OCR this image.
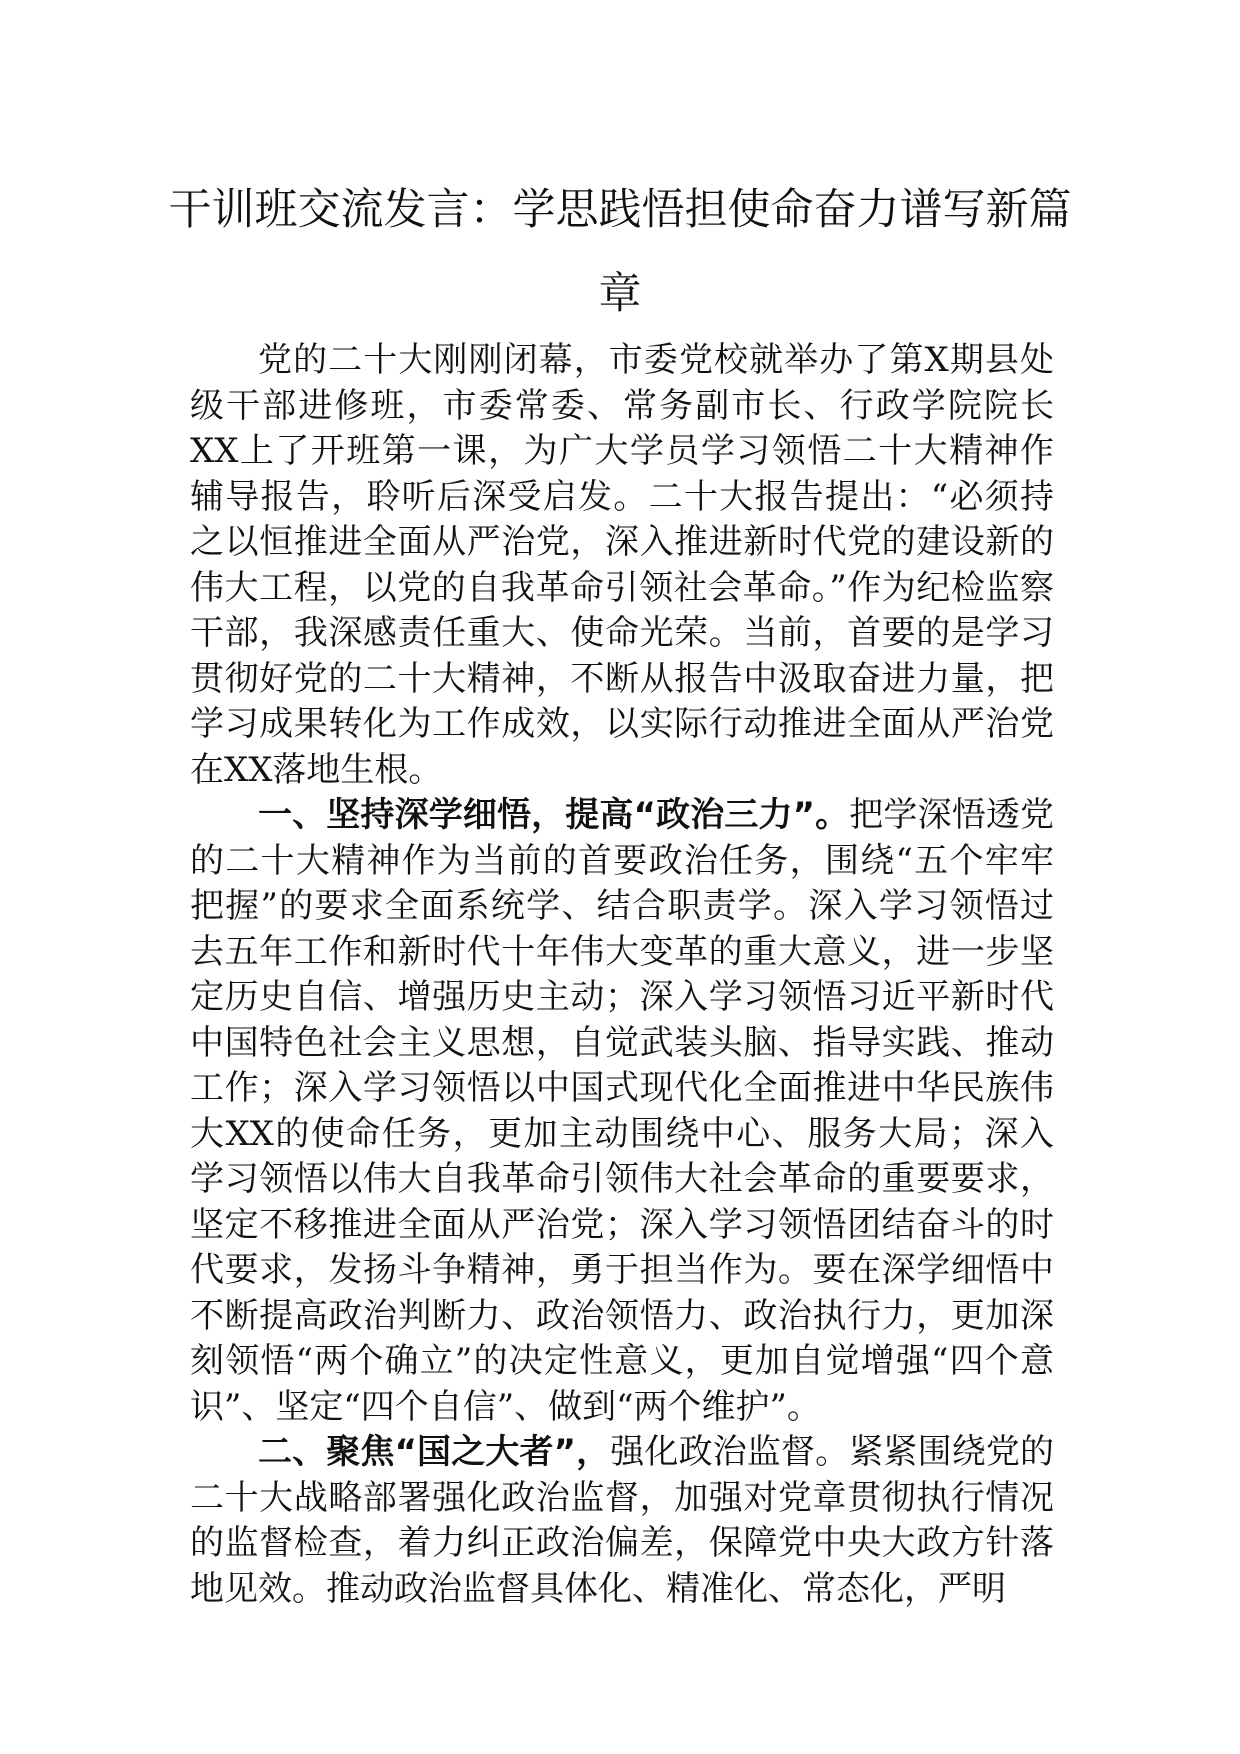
干训班交流发言：学思践悟担使命奋力谱写新篇章

党的二十大刚刚闭幕，市委党校就举办了第X期县处级干部进修班，市委常委、常务副市长、行政学院院长XX上了开班第一课，为广大学员学习领悟二十大精神作辅导报告，聆听后深受启发。二十大报告提出：“必须持之以恒推进全面从严治党，深入推进新时代党的建设新的伟大工程，以党的自我革命引领社会革命。”作为纪检监察干部，我深感责任重大、使命光荣。当前，首要的是学习贯彻好党的二十大精神，不断从报告中汲取奋进力量，把学习成果转化为工作成效，以实际行动推进全面从严治党在XX落地生根。

一、坚持深学细悟，提高“政治三力”。把学深悟透党的二十大精神作为当前的首要政治任务，围绕“五个牢牢把握”的要求全面系统学、结合职责学。深入学习领悟过去五年工作和新时代十年伟大变革的重大意义，进一步坚定历史自信、增强历史主动；深入学习领悟习近平新时代中国特色社会主义思想，自觉武装头脑、指导实践、推动工作；深入学习领悟以中国式现代化全面推进中华民族伟大XX的使命任务，更加主动围绕中心、服务大局；深入学习领悟以伟大自我革命引领伟大社会革命的重要要求，坚定不移推进全面从严治党；深入学习领悟团结奋斗的时代要求，发扬斗争精神，勇于担当作为。要在深学细悟中不断提高政治判断力、政治领悟力、政治执行力，更加深刻领悟“两个确立”的决定性意义，更加自觉增强“四个意识”、坚定“四个自信”、做到“两个维护”。

二、聚焦“国之大者”，强化政治监督。紧紧围绕党的二十大战略部署强化政治监督，加强对党章贯彻执行情况的监督检查，着力纠正政治偏差，保障党中央大政方针落地见效。推动政治监督具体化、精准化、常态化，严明
